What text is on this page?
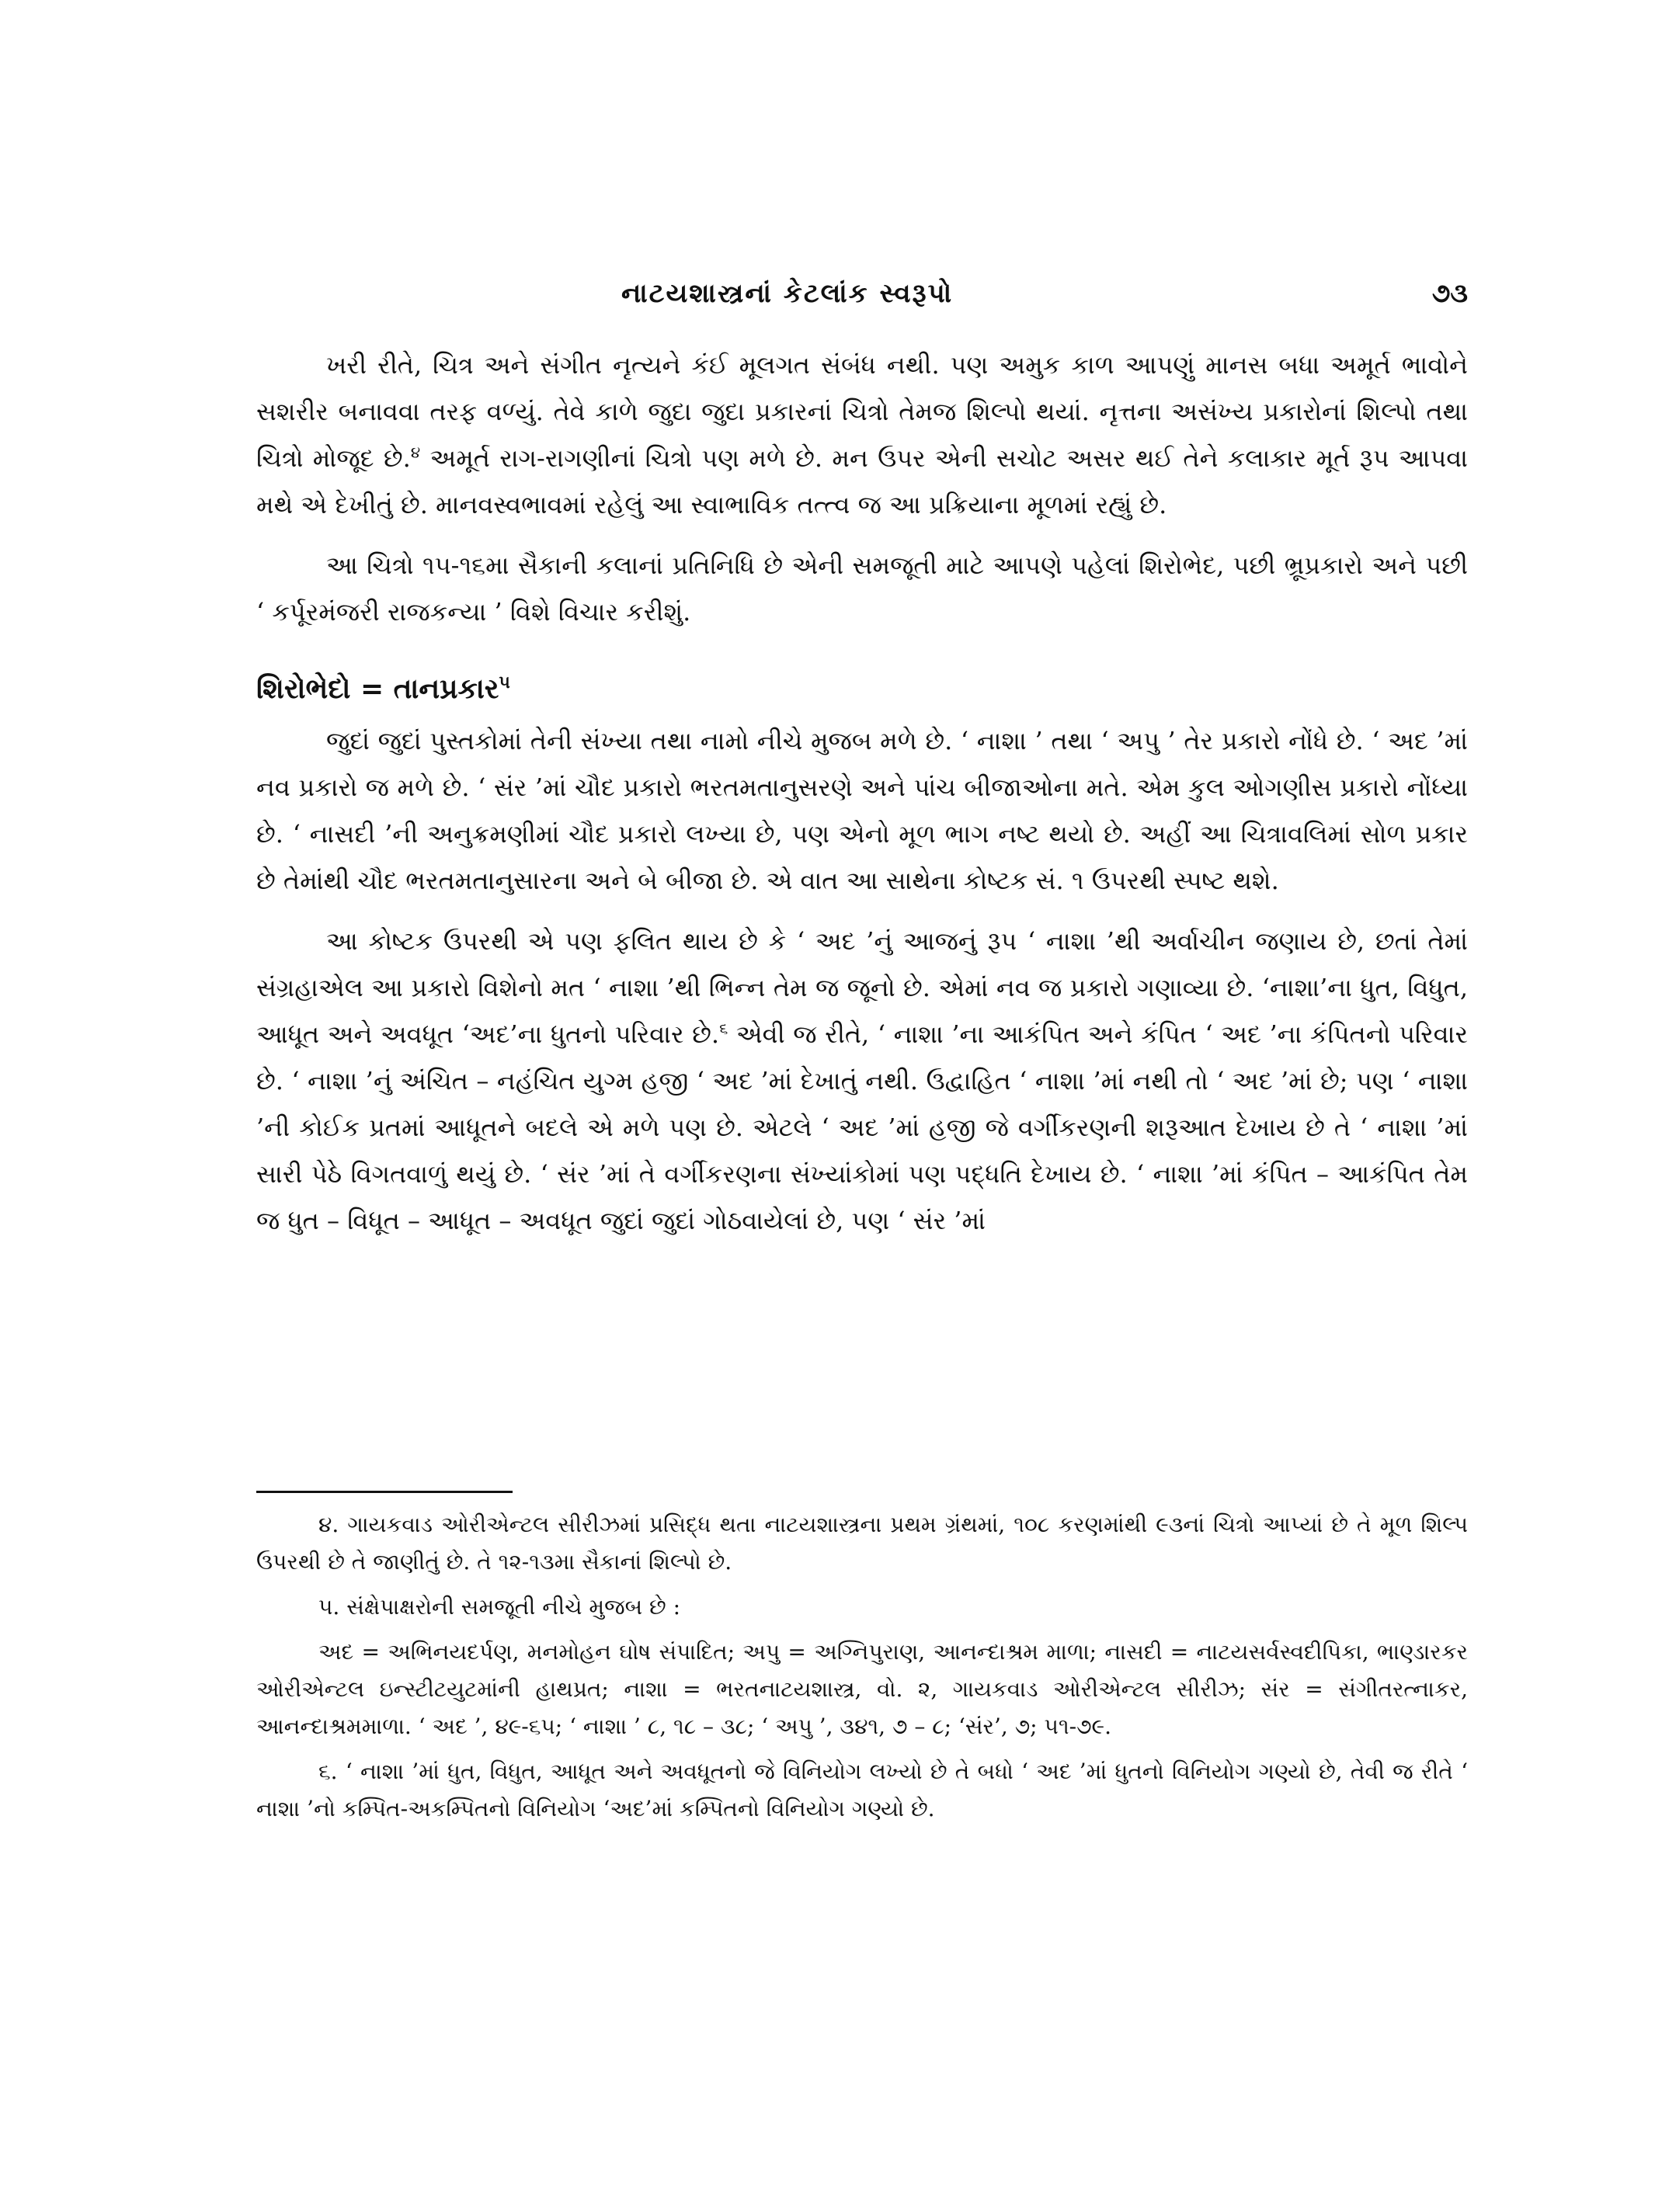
નાટયશાસ્ત્રનાં કેટલાંક સ્વરૂપો	૭૩

ખરી રીતે, ચિત્ર અને સંગીત નૃત્યને કંઈ મૂલગત સંબંધ નથી. પણ અમુક કાળ આપણું માનસ બધા અમૂર્ત ભાવોને સશરીર બનાવવા તરફ વળ્યું. તેવે કાળે જુદા જુદા પ્રકારનાં ચિત્રો તેમજ શિલ્પો થયાં. નૃત્તના અસંખ્ય પ્રકારોનાં શિલ્પો તથા ચિત્રો મોજૂદ છે.$^૪$ અમૂર્ત રાગ-રાગણીનાં ચિત્રો પણ મળે છે. મન ઉપર એની સચોટ અસર થઈ તેને કલાકાર મૂર્ત રૂપ આપવા મથે એ દેખીતું છે. માનવસ્વભાવમાં રહેલું આ સ્વાભાવિક તત્ત્વ જ આ પ્રક્રિયાના મૂળમાં રહ્યું છે.

આ ચિત્રો ૧૫-૧૬મા સૈકાની કલાનાં પ્રતિનિધિ છે એની સમજૂતી માટે આપણે પહેલાં શિરોભેદ, પછી ભ્રૂપ્રકારો અને પછી ‘ કર્પૂરમંજરી રાજકન્યા ’ વિશે વિચાર કરીશું.

શિરોભેદો = તાનપ્રકાર$^૫$

જુદાં જુદાં પુસ્તકોમાં તેની સંખ્યા તથા નામો નીચે મુજબ મળે છે. ‘ નાશા ’ તથા ‘ અપુ ’ તેર પ્રકારો નોંધે છે. ‘ અદ ’માં નવ પ્રકારો જ મળે છે. ‘ સંર ’માં ચૌદ પ્રકારો ભરતમતાનુસરણે અને પાંચ બીજાઓના મતે. એમ કુલ ઓગણીસ પ્રકારો નોંધ્યા છે. ‘ નાસદી ’ની અનુક્રમણીમાં ચૌદ પ્રકારો લખ્યા છે, પણ એનો મૂળ ભાગ નષ્ટ થયો છે. અહીં આ ચિત્રાવલિમાં સોળ પ્રકાર છે તેમાંથી ચૌદ ભરતમતાનુસારના અને બે બીજા છે. એ વાત આ સાથેના કોષ્ટક સં. ૧ ઉપરથી સ્પષ્ટ થશે.

આ કોષ્ટક ઉપરથી એ પણ ફલિત થાય છે કે ‘ અદ ’નું આજનું રૂપ ‘ નાશા ’થી અર્વાચીન જણાય છે, છતાં તેમાં સંગ્રહાએલ આ પ્રકારો વિશેનો મત ‘ નાશા ’થી ભિન્ન તેમ જ જૂનો છે. એમાં નવ જ પ્રકારો ગણાવ્યા છે. ‘નાશા’ના ધુત, વિધુત, આધૂત અને અવધૂત ‘અદ’ના ધુતનો પરિવાર છે.$^૬$ એવી જ રીતે, ‘ નાશા ’ના આકંપિત અને કંપિત ‘ અદ ’ના કંપિતનો પરિવાર છે. ‘ નાશા ’નું અંચિત – નહંચિત યુગ્મ હજી ‘ અદ ’માં દેખાતું નથી. ઉદ્વાહિત ‘ નાશા ’માં નથી તો ‘ અદ ’માં છે; પણ ‘ નાશા ’ની કોઈક પ્રતમાં આધૂતને બદલે એ મળે પણ છે. એટલે ‘ અદ ’માં હજી જે વર્ગીકરણની શરૂઆત દેખાય છે તે ‘ નાશા ’માં સારી પેઠે વિગતવાળું થયું છે. ‘ સંર ’માં તે વર્ગીકરણના સંખ્યાંકોમાં પણ પદ્ધતિ દેખાય છે. ‘ નાશા ’માં કંપિત – આકંપિત તેમ જ ધુત – વિધૂત – આધૂત – અવધૂત જુદાં જુદાં ગોઠવાયેલાં છે, પણ ‘ સંર ’માં

૪. ગાયકવાડ ઓરીએન્ટલ સીરીઝમાં પ્રસિદ્ધ થતા નાટયશાસ્ત્રના પ્રથમ ગ્રંથમાં, ૧૦૮ કરણમાંથી ૯૩નાં ચિત્રો આપ્યાં છે તે મૂળ શિલ્પ ઉપરથી છે તે જાણીતું છે. તે ૧૨-૧૩મા સૈકાનાં શિલ્પો છે.

૫. સંક્ષેપાક્ષરોની સમજૂતી નીચે મુજબ છે :

અદ = અભિનયદર્પણ, મનમોહન ઘોષ સંપાદિત; અપુ = અગ્નિપુરાણ, આનન્દાશ્રમ માળા; નાસદી = નાટયસર્વસ્વદીપિકા, ભાણ્ડારકર ઓરીએન્ટલ ઇન્સ્ટીટયુટમાંની હાથપ્રત; નાશા = ભરતનાટયશાસ્ત્ર, વો. ૨, ગાયકવાડ ઓરીએન્ટલ સીરીઝ; સંર = સંગીતરત્નાકર, આનન્દાશ્રમમાળા. ‘ અદ ’, ૪૯-૬૫; ‘ નાશા ’ ૮, ૧૮ – ૩૮; ‘ અપુ ’, ૩૪૧, ૭ – ૮; ‘સંર’, ૭; ૫૧-૭૯.

૬. ‘ નાશા ’માં ધુત, વિધુત, આધૂત અને અવધૂતનો જે વિનિયોગ લખ્યો છે તે બધો ‘ અદ ’માં ધુતનો વિનિયોગ ગણ્યો છે, તેવી જ રીતે ‘ નાશા ’નો કમ્પિત-અકમ્પિતનો વિનિયોગ ‘અદ’માં કમ્પિતનો વિનિયોગ ગણ્યો છે.
